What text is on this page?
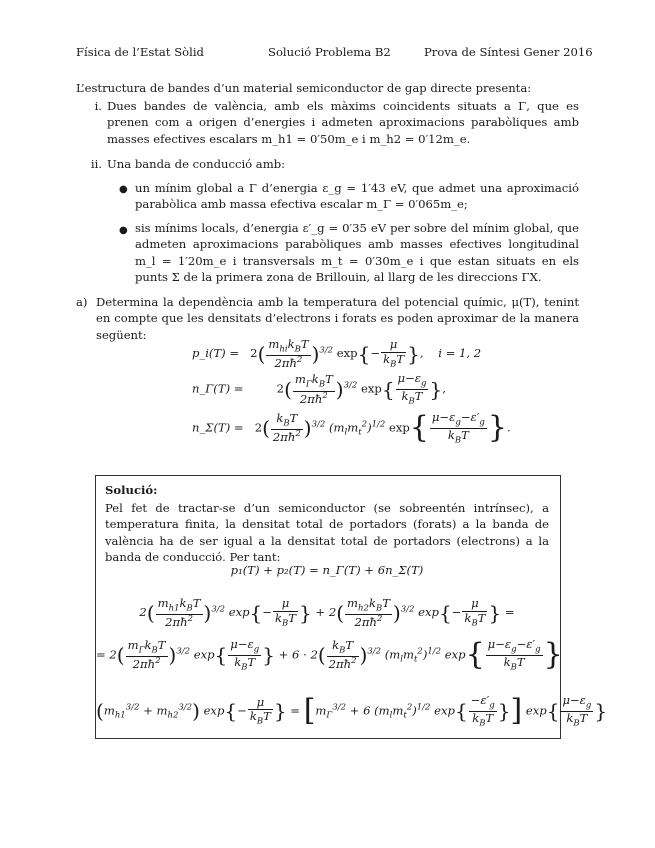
Física de l’Estat Sòlid	Solució Problema B2	Prova de Síntesi Gener 2016
L’estructura de bandes d’un material semiconductor de gap directe presenta:
i. Dues bandes de valència, amb els màxims coincidents situats a Γ, que es prenen com a origen d’energies i admeten aproximacions parabòliques amb masses efectives escalars m_h1 = 0′50m_e i m_h2 = 0′12m_e.
ii. Una banda de conducció amb:
● un mínim global a Γ d’energia ε_g = 1′43 eV, que admet una aproximació parabòlica amb massa efectiva escalar m_Γ = 0′065m_e;
● sis mínims locals, d’energia ε′_g = 0′35 eV per sobre del mínim global, que admeten aproximacions parabòliques amb masses efectives longitudinal m_l = 1′20m_e i transversals m_t = 0′30m_e i que estan situats en els punts Σ de la primera zona de Brillouin, al llarg de les direccions ΓX.
a) Determina la dependència amb la temperatura del potencial químic, μ(T), tenint en compte que les densitats d’electrons i forats es poden aproximar de la manera següent:
p_i(T) = $2( \frac{m_{hi}k_BT}{2\pi ħ^2} )^{3/2}$ $\exp\{- \frac{\mu}{k_BT}$ },    i = 1, 2
n_Γ(T) =	$2( \frac{m_\Gamma k_BT}{2\pi ħ^2} )^{3/2}$ $\exp\{ \frac{\mu-\varepsilon_g}{k_BT}$ },
n_Σ(T) = $2( \frac{k_BT}{2\pi ħ^2} )^{3/2}$ $(m_lm_t^2)^{1/2}$ $\exp\{ \frac{\mu-\varepsilon_g-\varepsilon'_g}{k_BT}$ }.
Solució:
Pel fet de tractar-se d’un semiconductor (se sobreentén intrínsec), a temperatura finita, la densitat total de portadors (forats) a la banda de valència ha de ser igual a la densitat total de portadors (electrons) a la banda de conducció. Per tant:
p₁(T) + p₂(T) = n_Γ(T) + 6n_Σ(T)
$2( \frac{m_{h1}k_BT}{2\pi ħ^2} )^{3/2}$ $\exp\{- \frac{\mu}{k_BT}$ } + $2( \frac{m_{h2}k_BT}{2\pi ħ^2} )^{3/2}$ $\exp\{- \frac{\mu}{k_BT}$ } =
= $2( \frac{m_\Gamma k_BT}{2\pi ħ^2} )^{3/2}$ $\exp\{ \frac{\mu-\varepsilon_g}{k_BT}$ } + $6 \cdot 2( \frac{k_BT}{2\pi ħ^2} )^{3/2}$ $(m_lm_t^2)^{1/2}$ $\exp\{ \frac{\mu-\varepsilon_g-\varepsilon'_g}{k_BT}$ }
$(m_{h1}^{3/2} + m_{h2}^{3/2})$ $\exp\{- \frac{\mu}{k_BT}$ } = [$m_\Gamma^{3/2} + 6$ $(m_lm_t^2)^{1/2}$ $\exp\{ \frac{-\varepsilon'_g}{k_BT}$ }] $\exp\{ \frac{\mu-\varepsilon_g}{k_BT}$ }
